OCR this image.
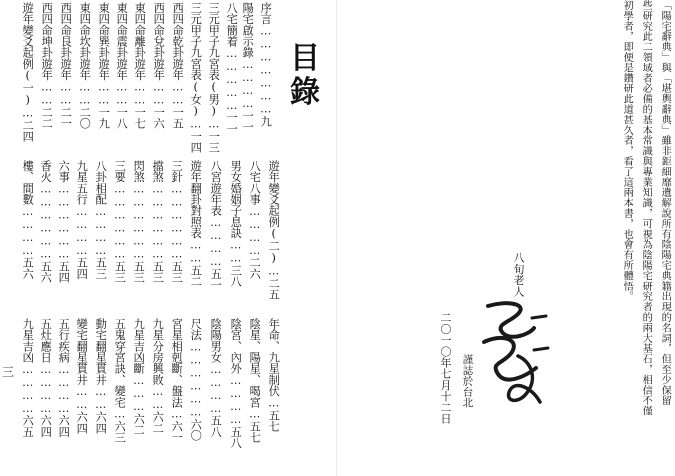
目
錄
序言…………………九
陽宅啟示錄…………一一
八宅簡着……………一一
三元甲子九宮表(男)…一三
三元甲子九宮表(女)…一四
西四命乾卦遊年……一五
西四命兌卦遊年……一六
東四命離卦遊年……一七
東四命震卦遊年……一八
東四命巽卦遊年……一九
東四命坎卦遊年……二〇
西四命艮卦遊年……二一
西四命坤卦遊年……二二
遊年變爻起例(一)…二四
遊年變爻起例(二)…二五
八宅八事…………二六
男女婚姻子息訣……三八
八宮遊年表…………五一
遊年翻卦對照表……五二
三針………………五三
擋煞………………五三
閃煞………………五三
三要………………五三
八卦相配…………五三
九星五行…………五四
六事………………五四
香火………………五六
樓、間數…………五六
年命、九星制伏…五七
陰星、陽星、喝宮…五七
陰宮、內外…………五八
陰陽男女…………五八
尺法………………六〇
宮星相剋斷、盤法…六一
九星分房興敗……六二
九星吉凶斷………六二
五鬼穿宮訣、變宅…六三
動宅翻星貫井……六四
變宅翻星貫井……六四
五行疾病…………六四
五灶應日…………六四
九星吉凶…………六五
三	「陽宅辭典」與「堪輿辭典」雖非鉅細靡遺解說所有陰陽宅典籍出現的名詞，但至少保留
些研究此二領域者必備的基本常識與專業知識，可視為陰陽宅研究者的兩大基石，相信不僅
初學者，即便是鑽研此道甚久者，看了這兩本書，也會有所體悟。
八旬老人
謹誌於台北
二〇一〇年七月十二日
